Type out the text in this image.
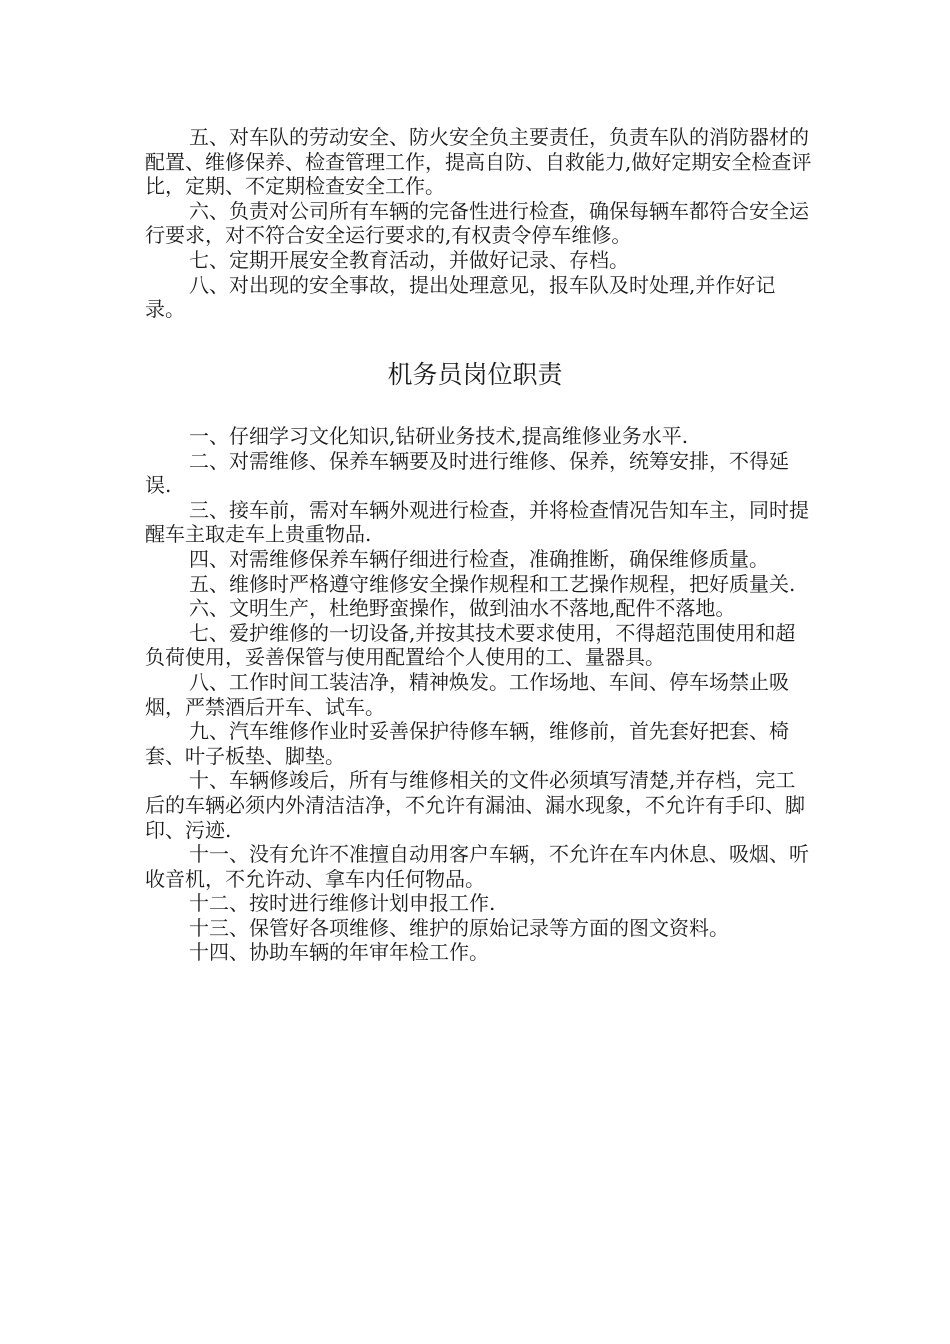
五、对车队的劳动安全、防火安全负主要责任，负责车队的消防器材的配置、维修保养、检查管理工作，提高自防、自救能力,做好定期安全检查评比，定期、不定期检查安全工作。

六、负责对公司所有车辆的完备性进行检查，确保每辆车都符合安全运行要求，对不符合安全运行要求的,有权责令停车维修。

七、定期开展安全教育活动，并做好记录、存档。

八、对出现的安全事故，提出处理意见，报车队及时处理,并作好记录。

机务员岗位职责

一、仔细学习文化知识,钻研业务技术,提高维修业务水平.

二、对需维修、保养车辆要及时进行维修、保养，统筹安排，不得延误.

三、接车前，需对车辆外观进行检查，并将检查情况告知车主，同时提醒车主取走车上贵重物品.

四、对需维修保养车辆仔细进行检查，准确推断，确保维修质量。

五、维修时严格遵守维修安全操作规程和工艺操作规程，把好质量关.

六、文明生产，杜绝野蛮操作，做到油水不落地,配件不落地。

七、爱护维修的一切设备,并按其技术要求使用，不得超范围使用和超负荷使用，妥善保管与使用配置给个人使用的工、量器具。

八、工作时间工装洁净，精神焕发。工作场地、车间、停车场禁止吸烟，严禁酒后开车、试车。

九、汽车维修作业时妥善保护待修车辆，维修前，首先套好把套、椅套、叶子板垫、脚垫。

十、车辆修竣后，所有与维修相关的文件必须填写清楚,并存档，完工后的车辆必须内外清洁洁净，不允许有漏油、漏水现象，不允许有手印、脚印、污迹.

十一、没有允许不准擅自动用客户车辆，不允许在车内休息、吸烟、听收音机，不允许动、拿车内任何物品。

十二、按时进行维修计划申报工作.

十三、保管好各项维修、维护的原始记录等方面的图文资料。

十四、协助车辆的年审年检工作。
